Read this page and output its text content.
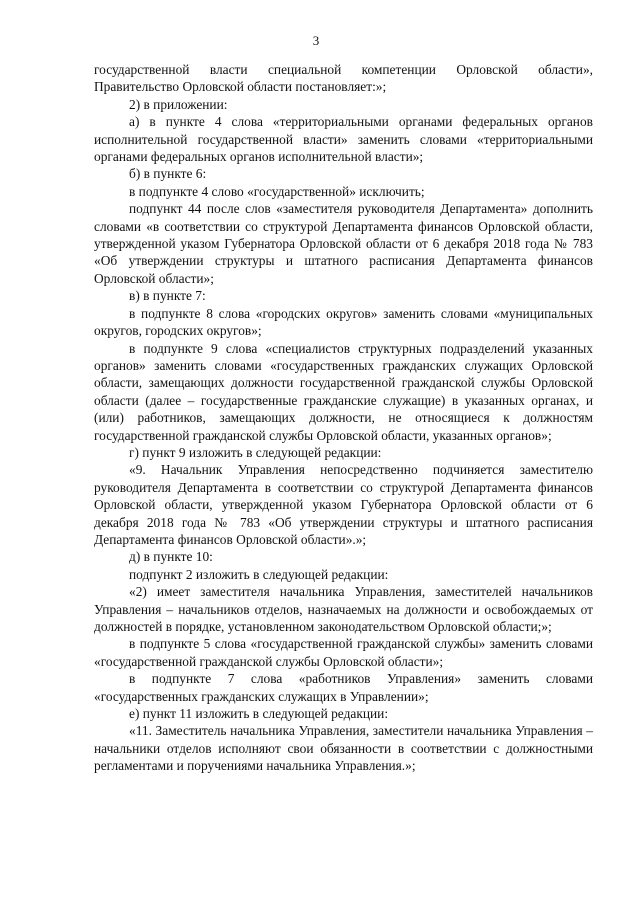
3

государственной власти специальной компетенции Орловской области», Правительство Орловской области постановляет:»;

2) в приложении:

а) в пункте 4 слова «территориальными органами федеральных органов исполнительной государственной власти» заменить словами «территориальными органами федеральных органов исполнительной власти»;

б) в пункте 6:

в подпункте 4 слово «государственной» исключить;

подпункт 44 после слов «заместителя руководителя Департамента» дополнить словами «в соответствии со структурой Департамента финансов Орловской области, утвержденной указом Губернатора Орловской области от 6 декабря 2018 года № 783 «Об утверждении структуры и штатного расписания Департамента финансов Орловской области»;

в) в пункте 7:

в подпункте 8 слова «городских округов» заменить словами «муниципальных округов, городских округов»;

в подпункте 9 слова «специалистов структурных подразделений указанных органов» заменить словами «государственных гражданских служащих Орловской области, замещающих должности государственной гражданской службы Орловской области (далее – государственные гражданские служащие) в указанных органах, и (или) работников, замещающих должности, не относящиеся к должностям государственной гражданской службы Орловской области, указанных органов»;

г) пункт 9 изложить в следующей редакции:

«9. Начальник Управления непосредственно подчиняется заместителю руководителя Департамента в соответствии со структурой Департамента финансов Орловской области, утвержденной указом Губернатора Орловской области от 6 декабря 2018 года № 783 «Об утверждении структуры и штатного расписания Департамента финансов Орловской области».»;

д) в пункте 10:

подпункт 2 изложить в следующей редакции:

«2) имеет заместителя начальника Управления, заместителей начальников Управления – начальников отделов, назначаемых на должности и освобождаемых от должностей в порядке, установленном законодательством Орловской области;»;

в подпункте 5 слова «государственной гражданской службы» заменить словами «государственной гражданской службы Орловской области»;

в подпункте 7 слова «работников Управления» заменить словами «государственных гражданских служащих в Управлении»;

е) пункт 11 изложить в следующей редакции:

«11. Заместитель начальника Управления, заместители начальника Управления – начальники отделов исполняют свои обязанности в соответствии с должностными регламентами и поручениями начальника Управления.»;
